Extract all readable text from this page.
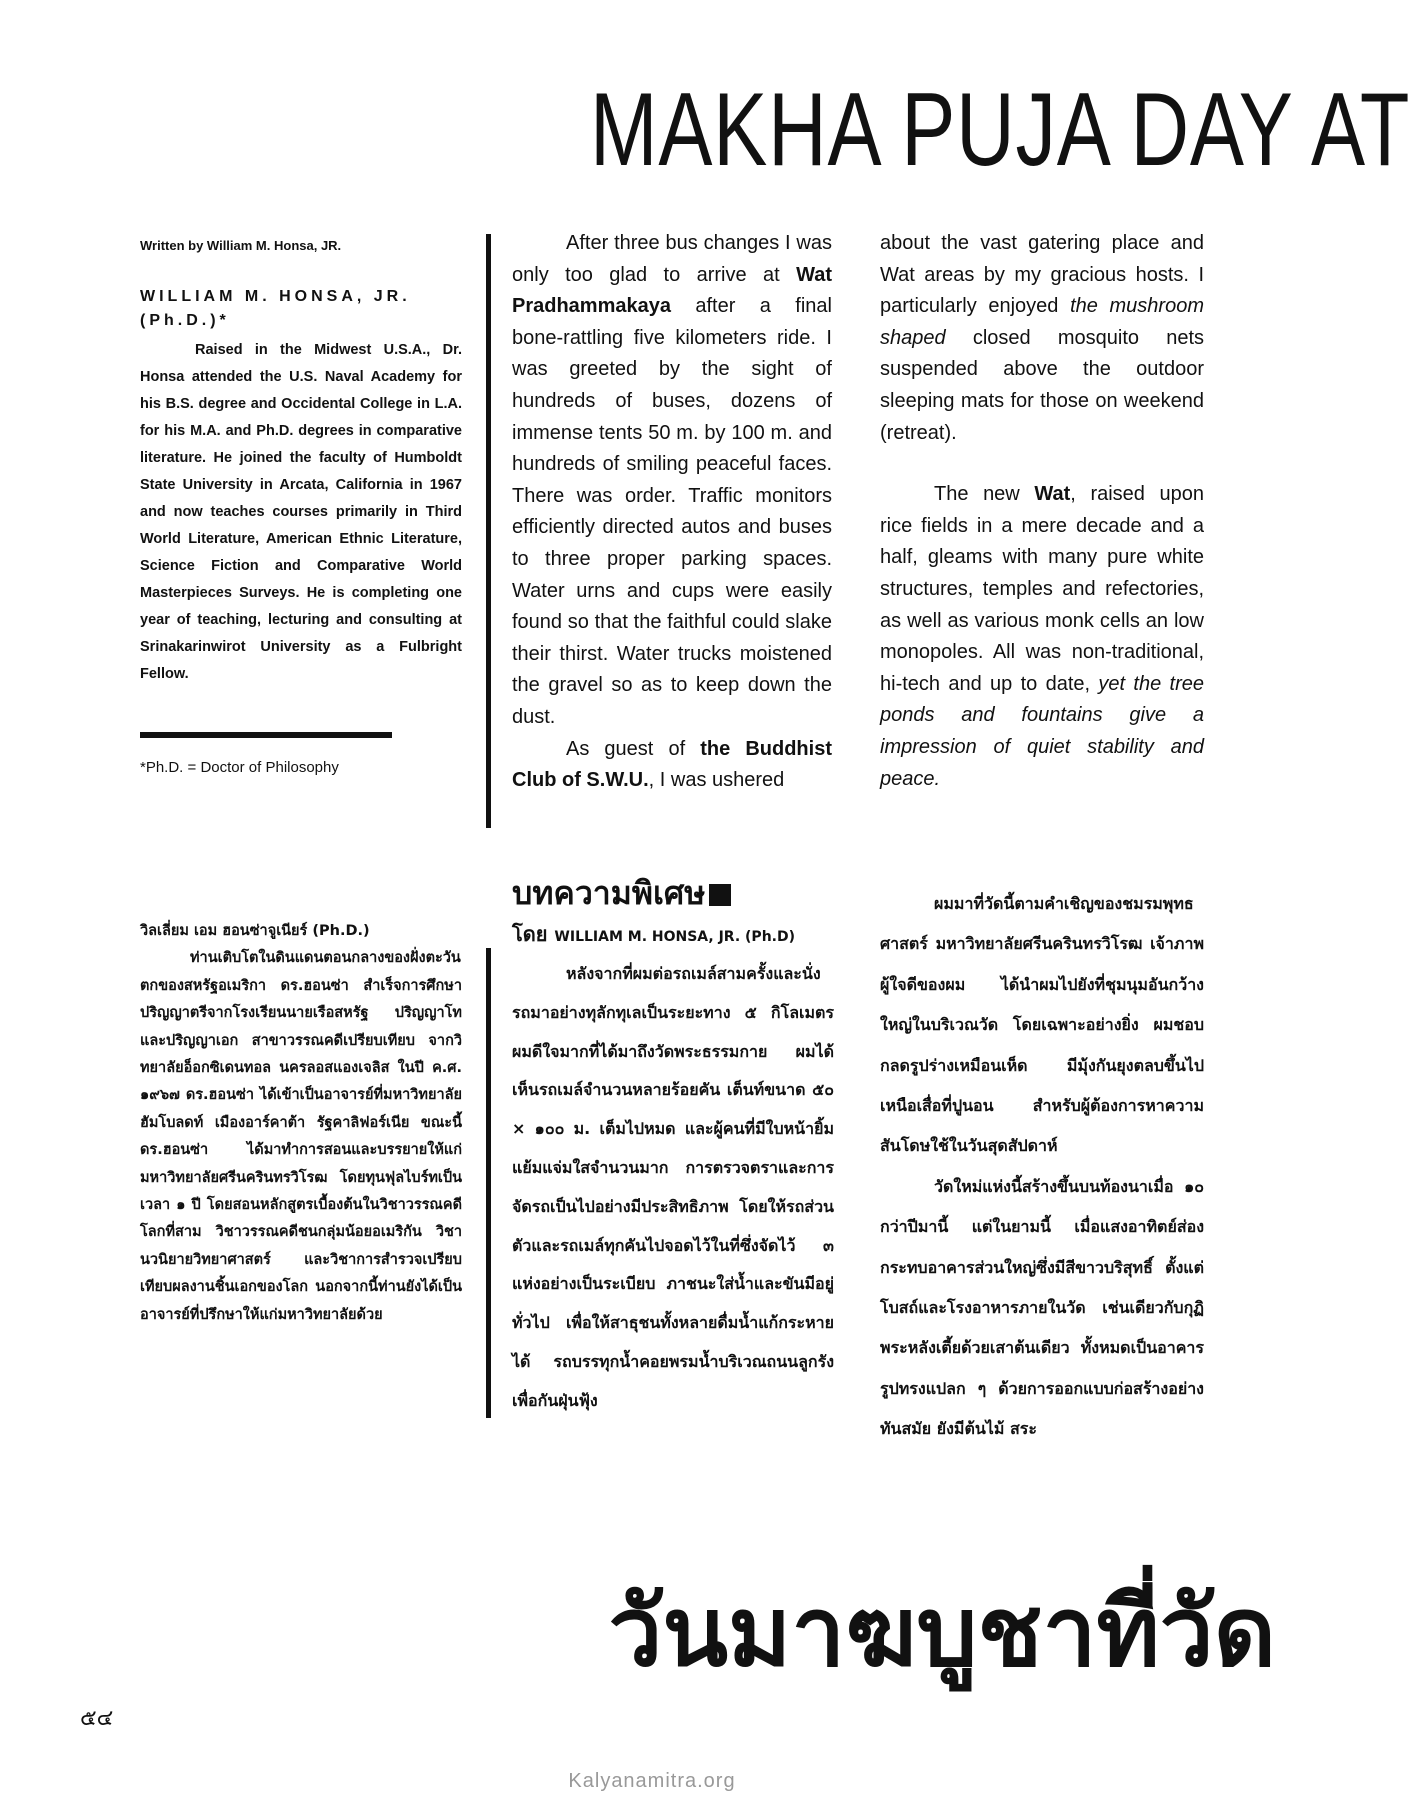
MAKHA PUJA DAY AT
วันมาฆบูชาที่วัด
Written by William M. Honsa, JR.
WILLIAM M. HONSA, JR. (Ph.D.)*
Raised in the Midwest U.S.A., Dr. Honsa attended the U.S. Naval Academy for his B.S. degree and Occidental College in L.A. for his M.A. and Ph.D. degrees in comparative literature. He joined the faculty of Humboldt State University in Arcata, California in 1967 and now teaches courses primarily in Third World Literature, American Ethnic Literature, Science Fiction and Comparative World Masterpieces Surveys. He is completing one year of teaching, lecturing and consulting at Srinakarinwirot University as a Fulbright Fellow.
*Ph.D. = Doctor of Philosophy

After three bus changes I was only too glad to arrive at Wat Pradhammakaya after a final bone-rattling five kilometers ride. I was greeted by the sight of hundreds of buses, dozens of immense tents 50 m. by 100 m. and hundreds of smiling peaceful faces. There was order. Traffic monitors efficiently directed autos and buses to three proper parking spaces. Water urns and cups were easily found so that the faithful could slake their thirst. Water trucks moistened the gravel so as to keep down the dust.

As guest of the Buddhist Club of S.W.U., I was ushered

about the vast gatering place and Wat areas by my gracious hosts. I particularly enjoyed the mushroom shaped closed mosquito nets suspended above the outdoor sleeping mats for those on weekend (retreat).

The new Wat, raised upon rice fields in a mere decade and a half, gleams with many pure white structures, temples and refectories, as well as various monk cells an low monopoles. All was non-traditional, hi-tech and up to date, yet the tree ponds and fountains give a impression of quiet stability and peace.

วิลเลี่ยม เอม ฮอนซ่าจูเนียร์ (Ph.D.)

ท่านเติบโตในดินแดนตอนกลางของฝั่งตะวันตกของสหรัฐอเมริกา ดร.ฮอนซ่า สำเร็จการศึกษาปริญญาตรีจากโรงเรียนนายเรือสหรัฐ ปริญญาโทและปริญญาเอก สาขาวรรณคดีเปรียบเทียบ จากวิทยาลัยอ็อกซิเดนทอล นครลอสแองเจลิส ในปี ค.ศ. ๑๙๖๗ ดร.ฮอนซ่า ได้เข้าเป็นอาจารย์ที่มหาวิทยาลัยฮัมโบลดท์ เมืองอาร์คาต้า รัฐคาลิฟอร์เนีย ขณะนี้ ดร.ฮอนซ่า ได้มาทำการสอนและบรรยายให้แก่มหาวิทยาลัยศรีนครินทรวิโรฒ โดยทุนฟุลไบร์ทเป็นเวลา ๑ ปี โดยสอนหลักสูตรเบื้องต้นในวิชาวรรณคดีโลกที่สาม วิชาวรรณคดีชนกลุ่มน้อยอเมริกัน วิชานวนิยายวิทยาศาสตร์ และวิชาการสำรวจเปรียบเทียบผลงานชิ้นเอกของโลก นอกจากนี้ท่านยังได้เป็นอาจารย์ที่ปรึกษาให้แก่มหาวิทยาลัยด้วย

บทความพิเศษ
โดย WILLIAM M. HONSA, JR. (Ph.D)

หลังจากที่ผมต่อรถเมล์สามครั้งและนั่งรถมาอย่างทุลักทุเลเป็นระยะทาง ๕ กิโลเมตร ผมดีใจมากที่ได้มาถึงวัดพระธรรมกาย ผมได้เห็นรถเมล์จำนวนหลายร้อยคัน เต็นท์ขนาด ๕๐ × ๑๐๐ ม. เต็มไปหมด และผู้คนที่มีใบหน้ายิ้มแย้มแจ่มใสจำนวนมาก การตรวจตราและการจัดรถเป็นไปอย่างมีประสิทธิภาพ โดยให้รถส่วนตัวและรถเมล์ทุกคันไปจอดไว้ในที่ซึ่งจัดไว้ ๓ แห่งอย่างเป็นระเบียบ ภาชนะใส่น้ำและขันมีอยู่ทั่วไป เพื่อให้สาธุชนทั้งหลายดื่มน้ำแก้กระหายได้ รถบรรทุกน้ำคอยพรมน้ำบริเวณถนนลูกรังเพื่อกันฝุ่นฟุ้ง

ผมมาที่วัดนี้ตามคำเชิญของชมรมพุทธศาสตร์ มหาวิทยาลัยศรีนครินทรวิโรฒ เจ้าภาพผู้ใจดีของผม ได้นำผมไปยังที่ชุมนุมอันกว้างใหญ่ในบริเวณวัด โดยเฉพาะอย่างยิ่ง ผมชอบกลดรูปร่างเหมือนเห็ด มีมุ้งกันยุงตลบขึ้นไปเหนือเสื่อที่ปูนอน สำหรับผู้ต้องการหาความสันโดษใช้ในวันสุดสัปดาห์

วัดใหม่แห่งนี้สร้างขึ้นบนท้องนาเมื่อ ๑๐ กว่าปีมานี้ แต่ในยามนี้ เมื่อแสงอาทิตย์ส่องกระทบอาคารส่วนใหญ่ซึ่งมีสีขาวบริสุทธิ์ ตั้งแต่โบสถ์และโรงอาหารภายในวัด เช่นเดียวกับกุฏิพระหลังเตี้ยด้วยเสาต้นเดียว ทั้งหมดเป็นอาคารรูปทรงแปลก ๆ ด้วยการออกแบบก่อสร้างอย่างทันสมัย ยังมีต้นไม้ สระ

๕๔
Kalyanamitra.org
